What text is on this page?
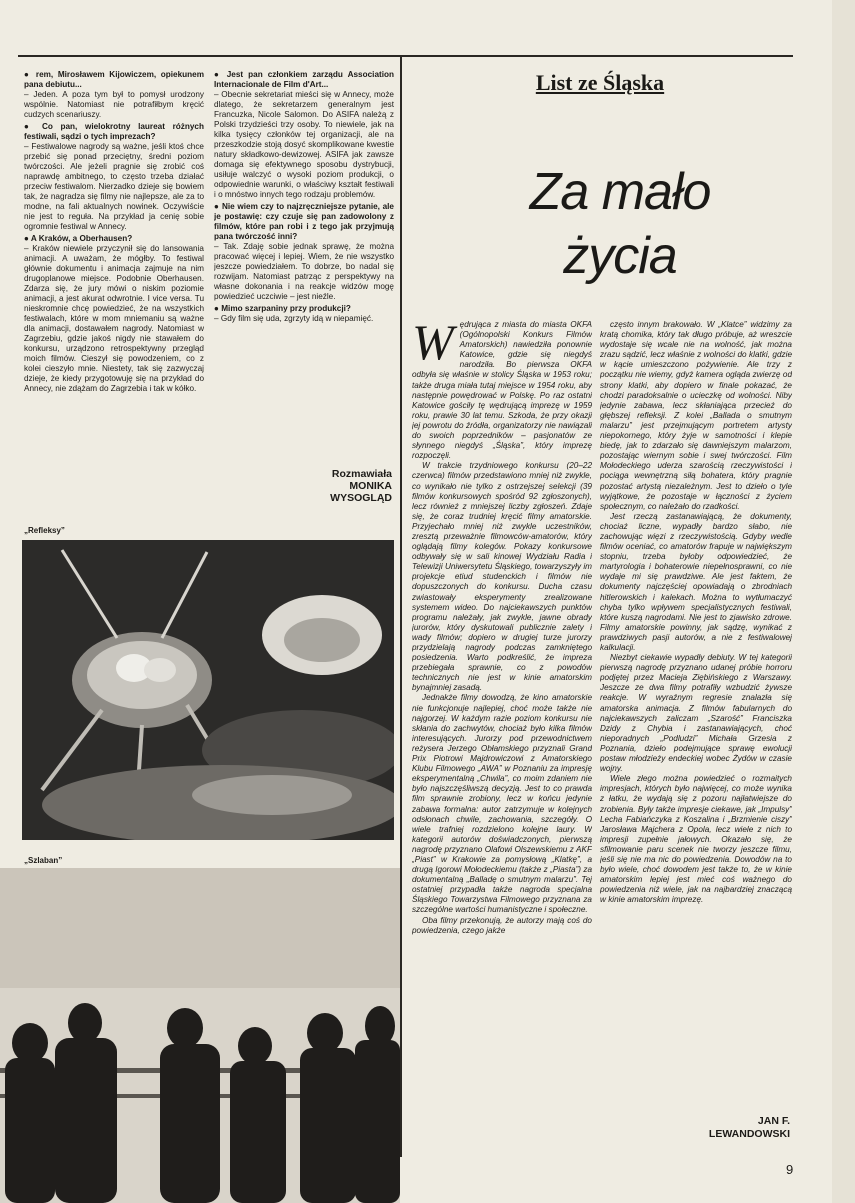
● rem, Mirosławem Kijowiczem, opiekunem pana debiutu...

– Jeden. A poza tym był to pomysł urodzony wspólnie. Natomiast nie potrafiłbym kręcić cudzych scenariuszy.

● Co pan, wielokrotny laureat różnych festiwali, sądzi o tych imprezach?

– Festiwalowe nagrody są ważne, jeśli ktoś chce przebić się ponad przeciętny, średni poziom twórczości. Ale jeżeli pragnie się zrobić coś naprawdę ambitnego, to często trzeba działać przeciw festiwalom. Nierzadko dzieje się bowiem tak, że nagradza się filmy nie najlepsze, ale za to modne, na fali aktualnych nowinek. Oczywiście nie jest to reguła. Na przykład ja cenię sobie ogromnie festiwal w Annecy.

● A Kraków, a Oberhausen?

– Kraków niewiele przyczynił się do lansowania animacji. A uważam, że mógłby. To festiwal głównie dokumentu i animacja zajmuje na nim drugoplanowe miejsce. Podobnie Oberhausen. Zdarza się, że jury mówi o niskim poziomie animacji, a jest akurat odwrotnie. I vice versa. Tu nieskromnie chcę powiedzieć, że na wszystkich festiwalach, które w mom mniemaniu są ważne dla animacji, dostawałem nagrody. Natomiast w Zagrzebiu, gdzie jakoś nigdy nie stawałem do konkursu, urządzono retrospektywny przegląd moich filmów. Cieszył się powodzeniem, co z kolei cieszyło mnie. Niestety, tak się zazwyczaj dzieje, że kiedy przygotowuję się na przykład do Annecy, nie zdążam do Zagrzebia i tak w kółko.

● Jest pan członkiem zarządu Association Internacionale de Film d'Art...

– Obecnie sekretariat mieści się w Annecy, może dlatego, że sekretarzem generalnym jest Francuzka, Nicole Salomon. Do ASIFA należą z Polski trzydzieści trzy osoby. To niewiele, jak na kilka tysięcy członków tej organizacji, ale na przeszkodzie stoją dosyć skomplikowane kwestie natury składkowo-dewizowej. ASIFA jak zawsze domaga się efektywnego sposobu dystrybucji, usiłuje walczyć o wysoki poziom produkcji, o odpowiednie warunki, o właściwy kształt festiwali i o mnóstwo innych tego rodzaju problemów.

● Nie wiem czy to najzręczniejsze pytanie, ale je postawię: czy czuje się pan zadowolony z filmów, które pan robi i z tego jak przyjmują pana twórczość inni?

– Tak. Zdaję sobie jednak sprawę, że można pracować więcej i lepiej. Wiem, że nie wszystko jeszcze powiedziałem. To dobrze, bo nadal się rozwijam. Natomiast patrząc z perspektywy na własne dokonania i na reakcje widzów mogę powiedzieć uczciwie – jest nieźle.

● Mimo szarpaniny przy produkcji?

– Gdy film się uda, zgrzyty idą w niepamięć.

Rozmawiała
MONIKA
WYSOGLĄD
„Refleksy”
„Szlaban”
List ze Śląska
Za mało
życia

Wędrująca z miasta do miasta OKFA (Ogólnopolski Konkurs Filmów Amatorskich) nawiedziła ponownie Katowice, gdzie się niegdyś narodziła. Bo pierwsza OKFA odbyła się właśnie w stolicy Śląska w 1953 roku; także druga miała tutaj miejsce w 1954 roku, aby następnie powędrować w Polskę. Po raz ostatni Katowice gościły tę wędrującą imprezę w 1959 roku, prawie 30 lat temu. Szkoda, że przy okazji jej powrotu do źródła, organizatorzy nie nawiązali do swoich poprzedników – pasjonatów ze słynnego niegdyś „Śląska”, który imprezę rozpoczęli.

W trakcie trzydniowego konkursu (20–22 czerwca) filmów przedstawiono mniej niż zwykle, co wynikało nie tylko z ostrzejszej selekcji (39 filmów konkursowych spośród 92 zgłoszonych), lecz również z mniejszej liczby zgłoszeń. Zdaje się, że coraz trudniej kręcić filmy amatorskie. Przyjechało mniej niż zwykle uczestników, zresztą przeważnie filmowców-amatorów, który oglądają filmy kolegów. Pokazy konkursowe odbywały się w sali kinowej Wydziału Radia i Telewizji Uniwersytetu Śląskiego, towarzyszyły im projekcje etiud studenckich i filmów nie dopuszczonych do konkursu. Ducha czasu zwiastowały eksperymenty zrealizowane systemem wideo. Do najciekawszych punktów programu należały, jak zwykle, jawne obrady jurorów, który dyskutowali publicznie zalety i wady filmów; dopiero w drugiej turze jurorzy przydzielają nagrody podczas zamkniętego posiedzenia. Warto podkreślić, że impreza przebiegała sprawnie, co z powodów technicznych nie jest w kinie amatorskim bynajmniej zasadą.

Jednakże filmy dowodzą, że kino amatorskie nie funkcjonuje najlepiej, choć może także nie najgorzej. W każdym razie poziom konkursu nie skłania do zachwytów, chociaż było kilka filmów interesujących. Jurorzy pod przewodnictwem reżysera Jerzego Obłamskiego przyznali Grand Prix Piotrowi Majdrowiczowi z Amatorskiego Klubu Filmowego „AWA” w Poznaniu za impresję eksperymentalną „Chwila”, co moim zdaniem nie było najszczęśliwszą decyzją. Jest to co prawda film sprawnie zrobiony, lecz w końcu jedynie zabawa formalna: autor zatrzymuje w kolejnych odsłonach chwile, zachowania, szczegóły. O wiele trafniej rozdzielono kolejne laury. W kategorii autorów doświadczonych, pierwszą nagrodę przyznano Olafowi Olszewskiemu z AKF „Piast” w Krakowie za pomysłową „Klatkę”, a drugą Igorowi Mołodeckiemu (także z „Piasta”) za dokumentalną „Balladę o smutnym malarzu”. Tej ostatniej przypadła także nagroda specjalna Śląskiego Towarzystwa Filmowego przyznana za szczególne wartości humanistyczne i społeczne.

Oba filmy przekonują, że autorzy mają coś do powiedzenia, czego jakże

często innym brakowało. W „Klatce” widzimy za kratą chomika, który tak długo próbuje, aż wreszcie wydostaje się wcale nie na wolność, jak można zrazu sądzić, lecz właśnie z wolności do klatki, gdzie w kącie umieszczono pożywienie. Ale trzy z początku nie wiemy, gdyż kamera ogląda zwierzę od strony klatki, aby dopiero w finale pokazać, że chodzi paradoksalnie o ucieczkę od wolności. Niby jedynie zabawa, lecz skłaniająca przecież do głębszej refleksji. Z kolei „Ballada o smutnym malarzu” jest przejmującym portretem artysty niepokornego, który żyje w samotności i klepie biedę, jak to zdarzało się dawniejszym malarzom, pozostając wiernym sobie i swej twórczości. Film Mołodeckiego uderza szarością rzeczywistości i pociąga wewnętrzną siłą bohatera, który pragnie pozostać artystą niezależnym. Jest to dzieło o tyle wyjątkowe, że pozostaje w łączności z życiem społecznym, co należało do rzadkości.

Jest rzeczą zastanawiającą, że dokumenty, chociaż liczne, wypadły bardzo słabo, nie zachowując więzi z rzeczywistością. Gdyby wedle filmów oceniać, co amatorów frapuje w największym stopniu, trzeba byłoby odpowiedzieć, że martyrologia i bohaterowie niepełnosprawni, co nie wydaje mi się prawdziwe. Ale jest faktem, że dokumenty najczęściej opowiadają o zbrodniach hitlerowskich i kalekach. Można to wytłumaczyć chyba tylko wpływem specjalistycznych festiwali, które kuszą nagrodami. Nie jest to zjawisko zdrowe. Filmy amatorskie powinny, jak sądzę, wynikać z prawdziwych pasji autorów, a nie z festiwalowej kalkulacji.

Niezbyt ciekawie wypadły debiuty. W tej kategorii pierwszą nagrodę przyznano udanej próbie horroru podjętej przez Macieja Ziębińskiego z Warszawy. Jeszcze ze dwa filmy potrafiły wzbudzić żywsze reakcje. W wyraźnym regresie znalazła się amatorska animacja. Z filmów fabularnych do najciekawszych zaliczam „Szarość” Franciszka Dzidy z Chybia i zastanawiających, choć nieporadnych „Podludzi” Michała Grzesia z Poznania, dzieło podejmujące sprawę ewolucji postaw młodzieży endeckiej wobec Żydów w czasie wojny.

Wiele złego można powiedzieć o rozmaitych impresjach, których było najwięcej, co może wynika z łatku, że wydają się z pozoru najłatwiejsze do zrobienia. Były także impresje ciekawe, jak „Impulsy” Lecha Fabiańczyka z Koszalina i „Brzmienie ciszy” Jarosława Majchera z Opola, lecz wiele z nich to impresji zupełnie jałowych. Okazało się, że sfilmowanie paru scenek nie tworzy jeszcze filmu, jeśli się nie ma nic do powiedzenia. Dowodów na to było wiele, choć dowodem jest także to, że w kinie amatorskim lepiej jest mieć coś ważnego do powiedzenia niż wiele, jak na najbardziej znaczącą w kinie amatorskim imprezę.

JAN F.
LEWANDOWSKI
9
